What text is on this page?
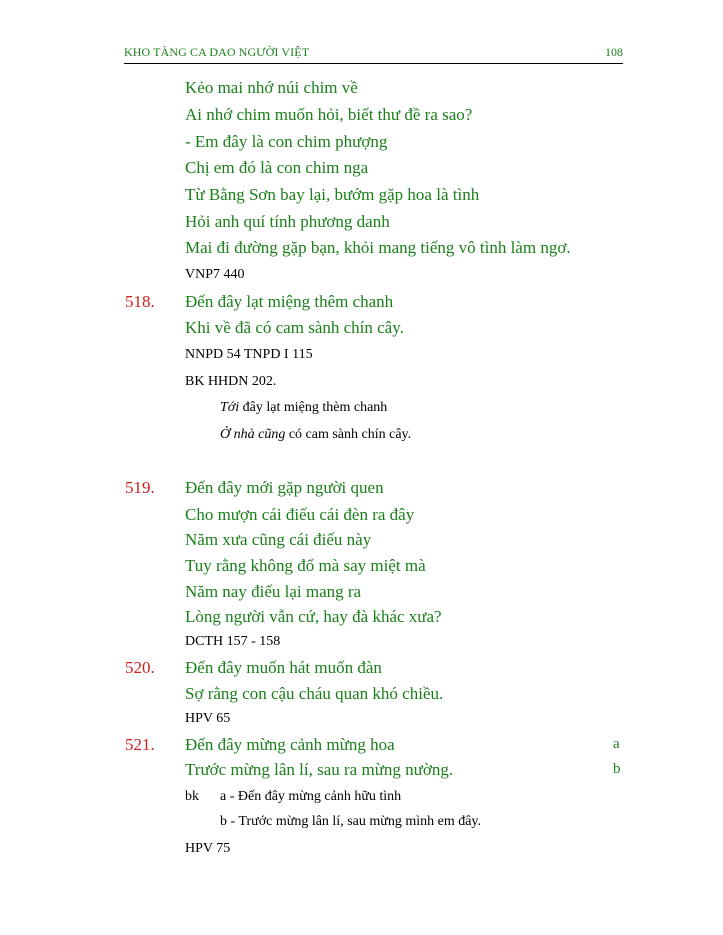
KHO TÀNG CA DAO NGƯỜI VIỆT	108
Kẻo mai nhớ núi chim về
Ai nhớ chim muốn hỏi, biết thư đề ra sao?
- Em đây là con chim phượng
Chị em đó là con chim nga
Từ Bằng Sơn bay lại, bướm gặp hoa là tình
Hỏi anh quí tính phương danh
Mai đi đường gặp bạn, khỏi mang tiếng vô tình làm ngơ.
VNP7 440
518. Đến đây lạt miệng thêm chanh
Khi về đã có cam sành chín cây.
NNPD 54 TNPD I 115
BK HHDN 202.
Tới đây lạt miệng thèm chanh
Ở nhà cũng có cam sành chín cây.
519. Đến đây mới gặp người quen
Cho mượn cái điếu cái đèn ra đây
Năm xưa cũng cái điếu này
Tuy rằng không đổ mà say miệt mà
Năm nay điếu lại mang ra
Lòng người vẫn cứ, hay đà khác xưa?
DCTH 157 - 158
520. Đến đây muốn hát muốn đàn
Sợ rằng con cậu cháu quan khó chiều.
HPV 65
521. Đến đây mừng cảnh mừng hoa	a
Trước mừng lân lí, sau ra mừng nường.	b
bk a - Đến đây mừng cảnh hữu tình
b - Trước mừng lân lí, sau mừng mình em đây.
HPV 75
